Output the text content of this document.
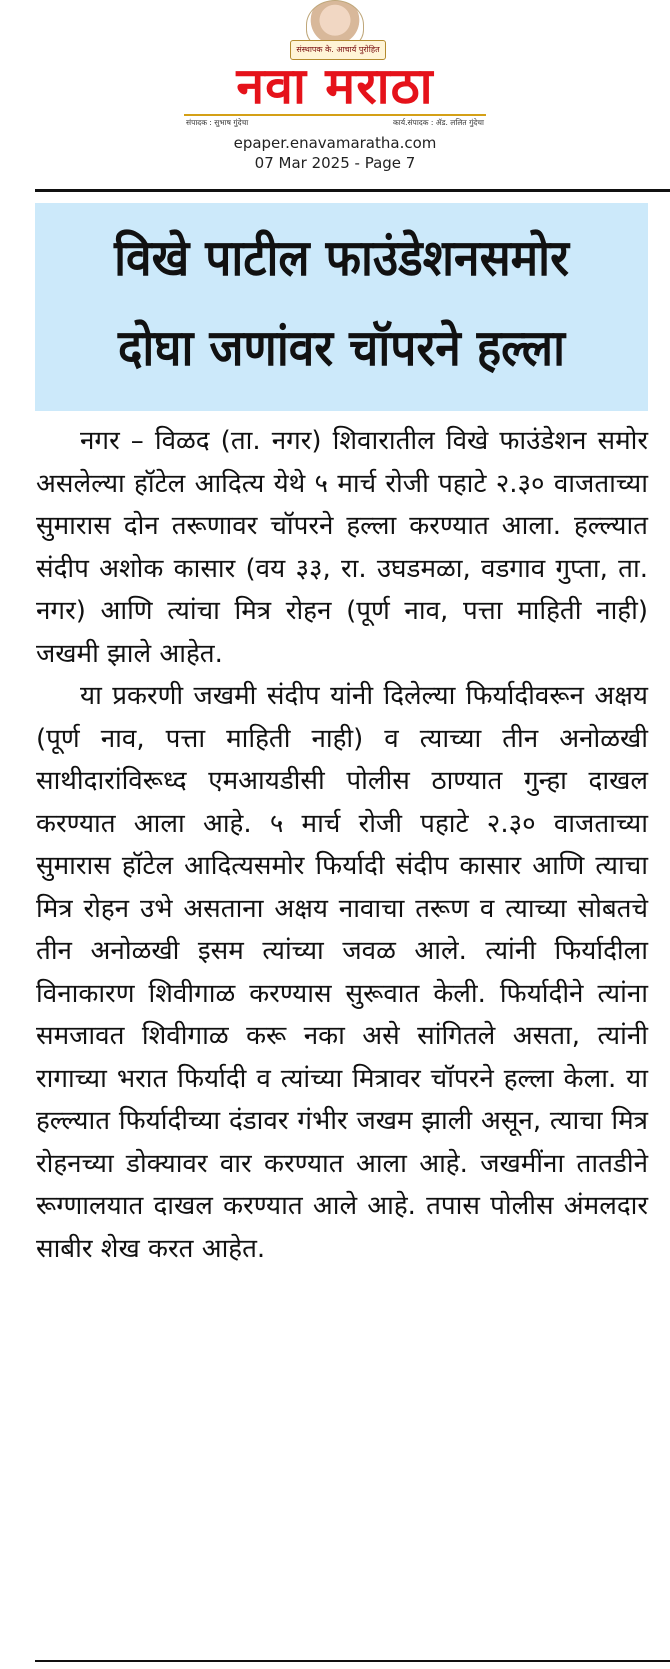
संस्थापक के. आचार्य पुरोहित
नवा मराठा
संपादक : सुभाष गुंदेचा	कार्य.संपादक : ॲड. ललित गुंदेचा
epaper.enavamaratha.com
07 Mar 2025 - Page 7
विखे पाटील फाउंडेशनसमोर
दोघा जणांवर चॉपरने हल्ला

नगर – विळद (ता. नगर) शिवारातील विखे फाउंडेशन समोर असलेल्या हॉटेल आदित्य येथे ५ मार्च रोजी पहाटे २.३० वाजताच्या सुमारास दोन तरूणावर चॉपरने हल्ला करण्यात आला. हल्ल्यात संदीप अशोक कासार (वय ३३, रा. उघडमळा, वडगाव गुप्ता, ता. नगर) आणि त्यांचा मित्र रोहन (पूर्ण नाव, पत्ता माहिती नाही) जखमी झाले आहेत.

या प्रकरणी जखमी संदीप यांनी दिलेल्या फिर्यादीवरून अक्षय (पूर्ण नाव, पत्ता माहिती नाही) व त्याच्या तीन अनोळखी साथीदारांविरूध्द एमआयडीसी पोलीस ठाण्यात गुन्हा दाखल करण्यात आला आहे. ५ मार्च रोजी पहाटे २.३० वाजताच्या सुमारास हॉटेल आदित्यसमोर फिर्यादी संदीप कासार आणि त्याचा मित्र रोहन उभे असताना अक्षय नावाचा तरूण व त्याच्या सोबतचे तीन अनोळखी इसम त्यांच्या जवळ आले. त्यांनी फिर्यादीला विनाकारण शिवीगाळ करण्यास सुरूवात केली. फिर्यादीने त्यांना समजावत शिवीगाळ करू नका असे सांगितले असता, त्यांनी रागाच्या भरात फिर्यादी व त्यांच्या मित्रावर चॉपरने हल्ला केला. या हल्ल्यात फिर्यादीच्या दंडावर गंभीर जखम झाली असून, त्याचा मित्र रोहनच्या डोक्यावर वार करण्यात आला आहे. जखमींना तातडीने रूग्णालयात दाखल करण्यात आले आहे. तपास पोलीस अंमलदार साबीर शेख करत आहेत.
